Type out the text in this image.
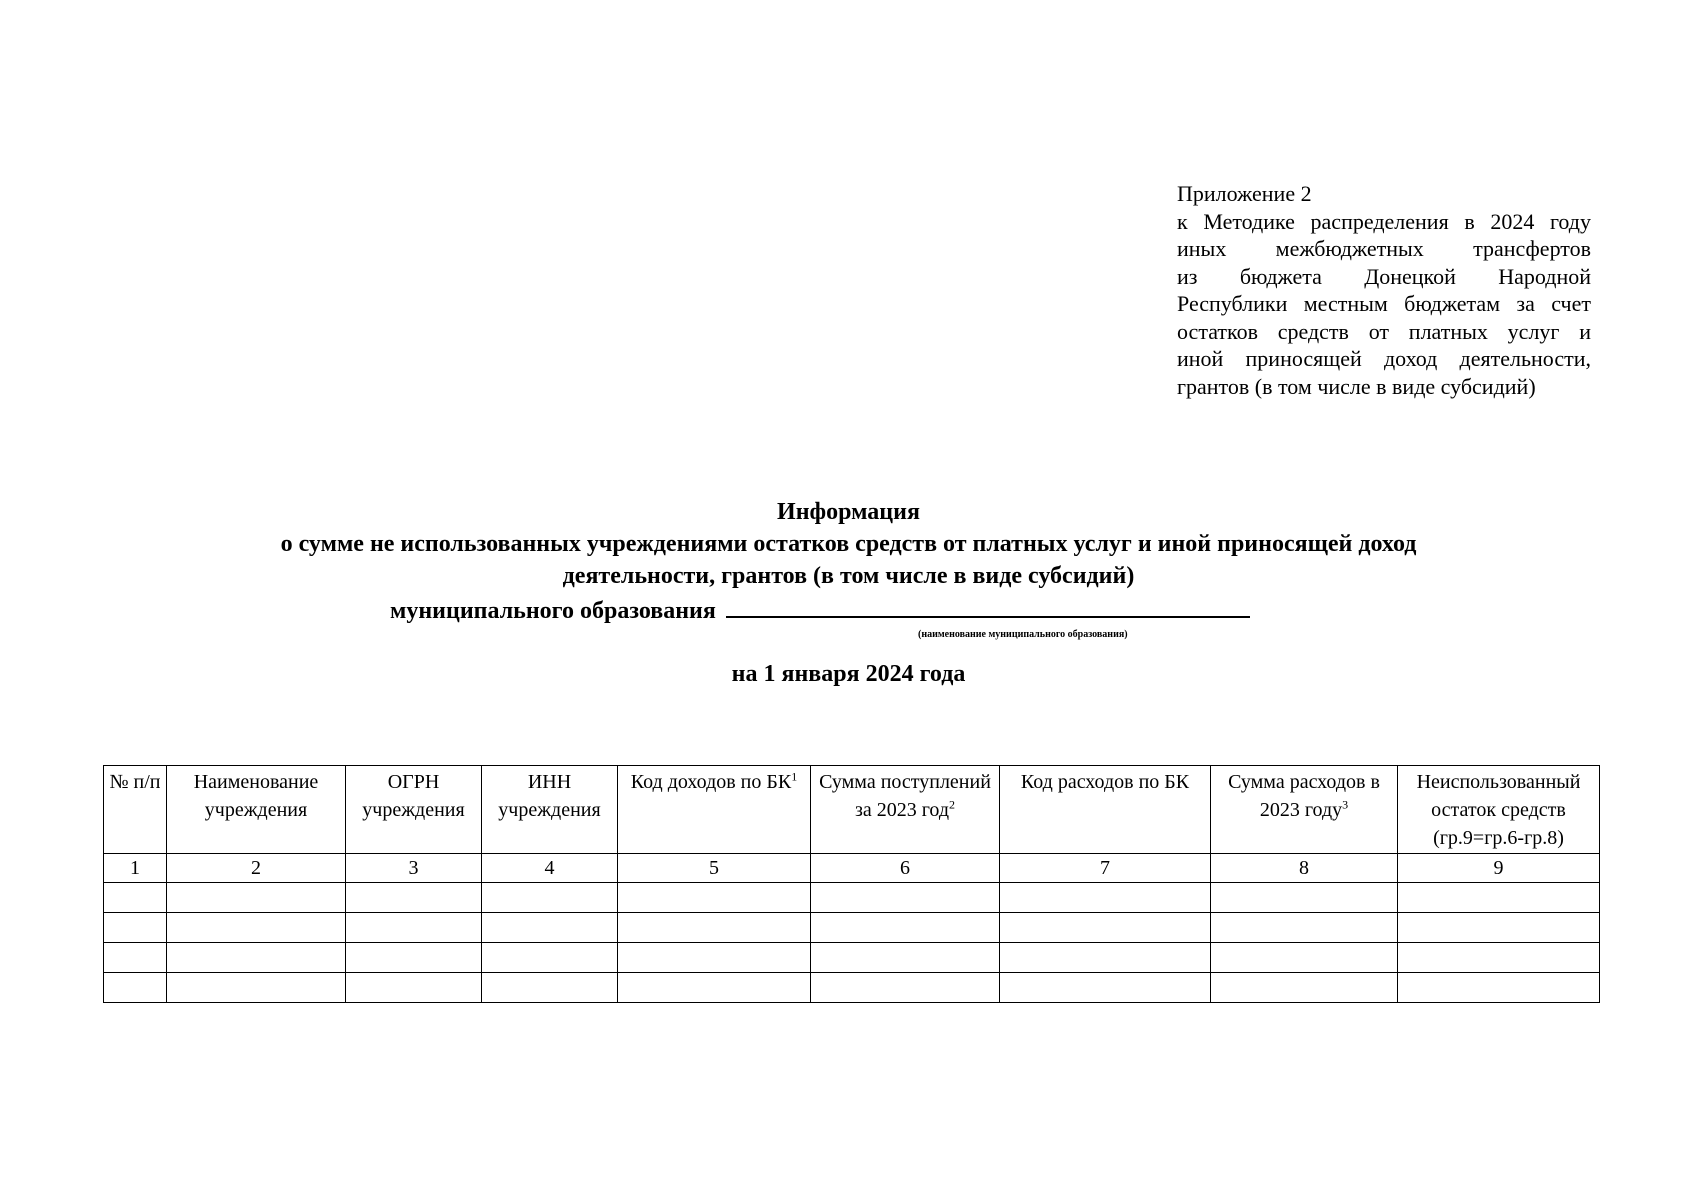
Приложение 2
к Методике распределения в 2024 году
иных межбюджетных трансфертов
из бюджета Донецкой Народной
Республики местным бюджетам за счет
остатков средств от платных услуг и
иной приносящей доход деятельности,
грантов (в том числе в виде субсидий)
Информация
о сумме не использованных учреждениями остатков средств от платных услуг и иной приносящей доход
деятельности, грантов (в том числе в виде субсидий)
муниципального образования
(наименование муниципального образования)
на 1 января 2024 года
№ п/п	Наименование учреждения	ОГРН учреждения	ИНН учреждения	Код доходов по $БК^1$	Сумма поступлений за 2023 год$^2$	Код расходов по БК	Сумма расходов в 2023 году$^3$	Неиспользованный остаток средств (гр.9=гр.6-гр.8)
1	2	3	4	5	6	7	8	9
